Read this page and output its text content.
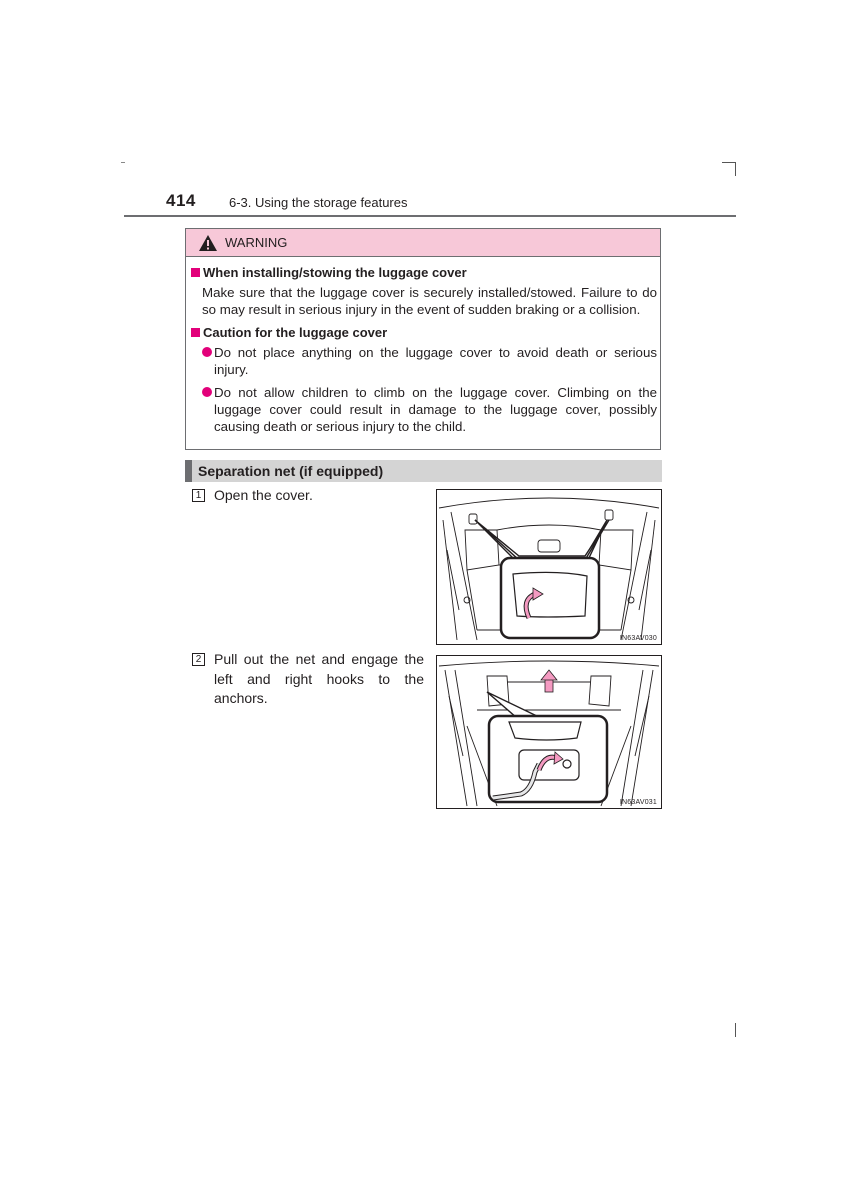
414	6-3. Using the storage features
WARNING
When installing/stowing the luggage cover
Make sure that the luggage cover is securely installed/stowed. Failure to do so may result in serious injury in the event of sudden braking or a collision.
Caution for the luggage cover
Do not place anything on the luggage cover to avoid death or serious injury.
Do not allow children to climb on the luggage cover. Climbing on the luggage cover could result in damage to the luggage cover, possibly causing death or serious injury to the child.
Separation net (if equipped)
1 Open the cover.
IN63AV030
2 Pull out the net and engage the left and right hooks to the anchors.
IN63AV031
